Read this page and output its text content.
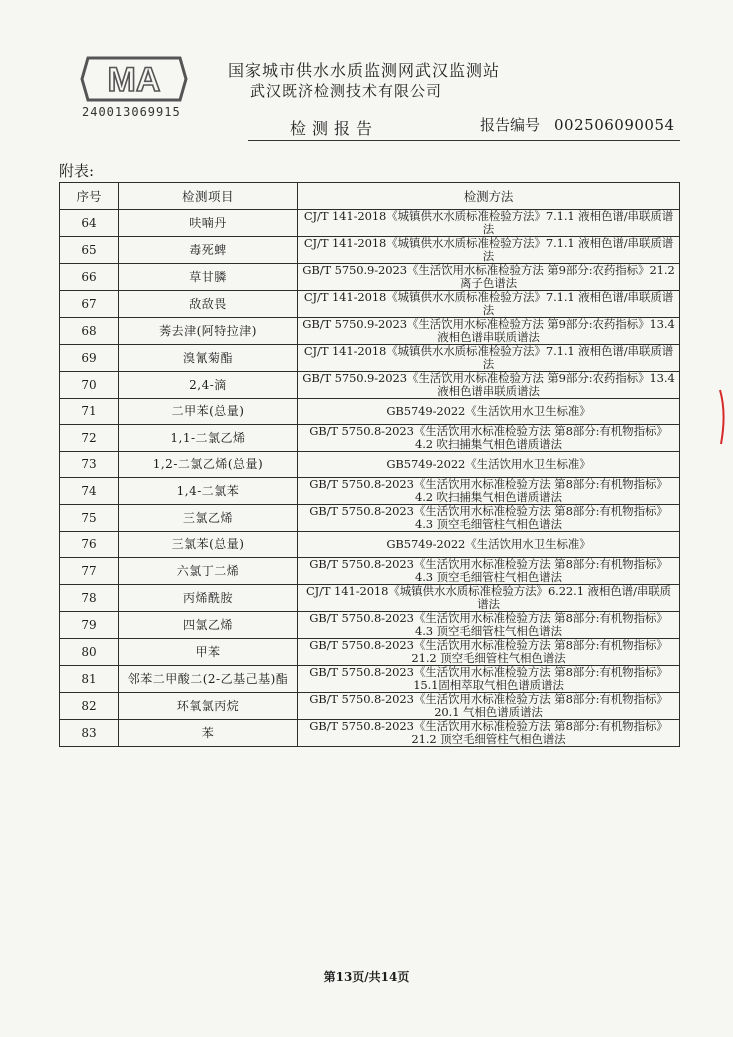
MA
240013069915
国家城市供水水质监测网武汉监测站
武汉既济检测技术有限公司
检测报告	报告编号 002506090054
附表:
序号	检测项目	检测方法
64	呋喃丹	CJ/T 141-2018《城镇供水水质标准检验方法》7.1.1 液相色谱/串联质谱法
65	毒死蜱	CJ/T 141-2018《城镇供水水质标准检验方法》7.1.1 液相色谱/串联质谱法
66	草甘膦	GB/T 5750.9-2023《生活饮用水标准检验方法 第9部分:农药指标》21.2 离子色谱法
67	敌敌畏	CJ/T 141-2018《城镇供水水质标准检验方法》7.1.1 液相色谱/串联质谱法
68	莠去津(阿特拉津)	GB/T 5750.9-2023《生活饮用水标准检验方法 第9部分:农药指标》13.4 液相色谱串联质谱法
69	溴氰菊酯	CJ/T 141-2018《城镇供水水质标准检验方法》7.1.1 液相色谱/串联质谱法
70	2,4-滴	GB/T 5750.9-2023《生活饮用水标准检验方法 第9部分:农药指标》13.4 液相色谱串联质谱法
71	二甲苯(总量)	GB5749-2022《生活饮用水卫生标准》
72	1,1-二氯乙烯	GB/T 5750.8-2023《生活饮用水标准检验方法 第8部分:有机物指标》4.2 吹扫捕集气相色谱质谱法
73	1,2-二氯乙烯(总量)	GB5749-2022《生活饮用水卫生标准》
74	1,4-二氯苯	GB/T 5750.8-2023《生活饮用水标准检验方法 第8部分:有机物指标》4.2 吹扫捕集气相色谱质谱法
75	三氯乙烯	GB/T 5750.8-2023《生活饮用水标准检验方法 第8部分:有机物指标》4.3 顶空毛细管柱气相色谱法
76	三氯苯(总量)	GB5749-2022《生活饮用水卫生标准》
77	六氯丁二烯	GB/T 5750.8-2023《生活饮用水标准检验方法 第8部分:有机物指标》4.3 顶空毛细管柱气相色谱法
78	丙烯酰胺	CJ/T 141-2018《城镇供水水质标准检验方法》6.22.1 液相色谱/串联质谱法
79	四氯乙烯	GB/T 5750.8-2023《生活饮用水标准检验方法 第8部分:有机物指标》4.3 顶空毛细管柱气相色谱法
80	甲苯	GB/T 5750.8-2023《生活饮用水标准检验方法 第8部分:有机物指标》21.2 顶空毛细管柱气相色谱法
81	邻苯二甲酸二(2-乙基己基)酯	GB/T 5750.8-2023《生活饮用水标准检验方法 第8部分:有机物指标》 15.1固相萃取气相色谱质谱法
82	环氧氯丙烷	GB/T 5750.8-2023《生活饮用水标准检验方法 第8部分:有机物指标》20.1 气相色谱质谱法
83	苯	GB/T 5750.8-2023《生活饮用水标准检验方法 第8部分:有机物指标》21.2 顶空毛细管柱气相色谱法
第13页/共14页
